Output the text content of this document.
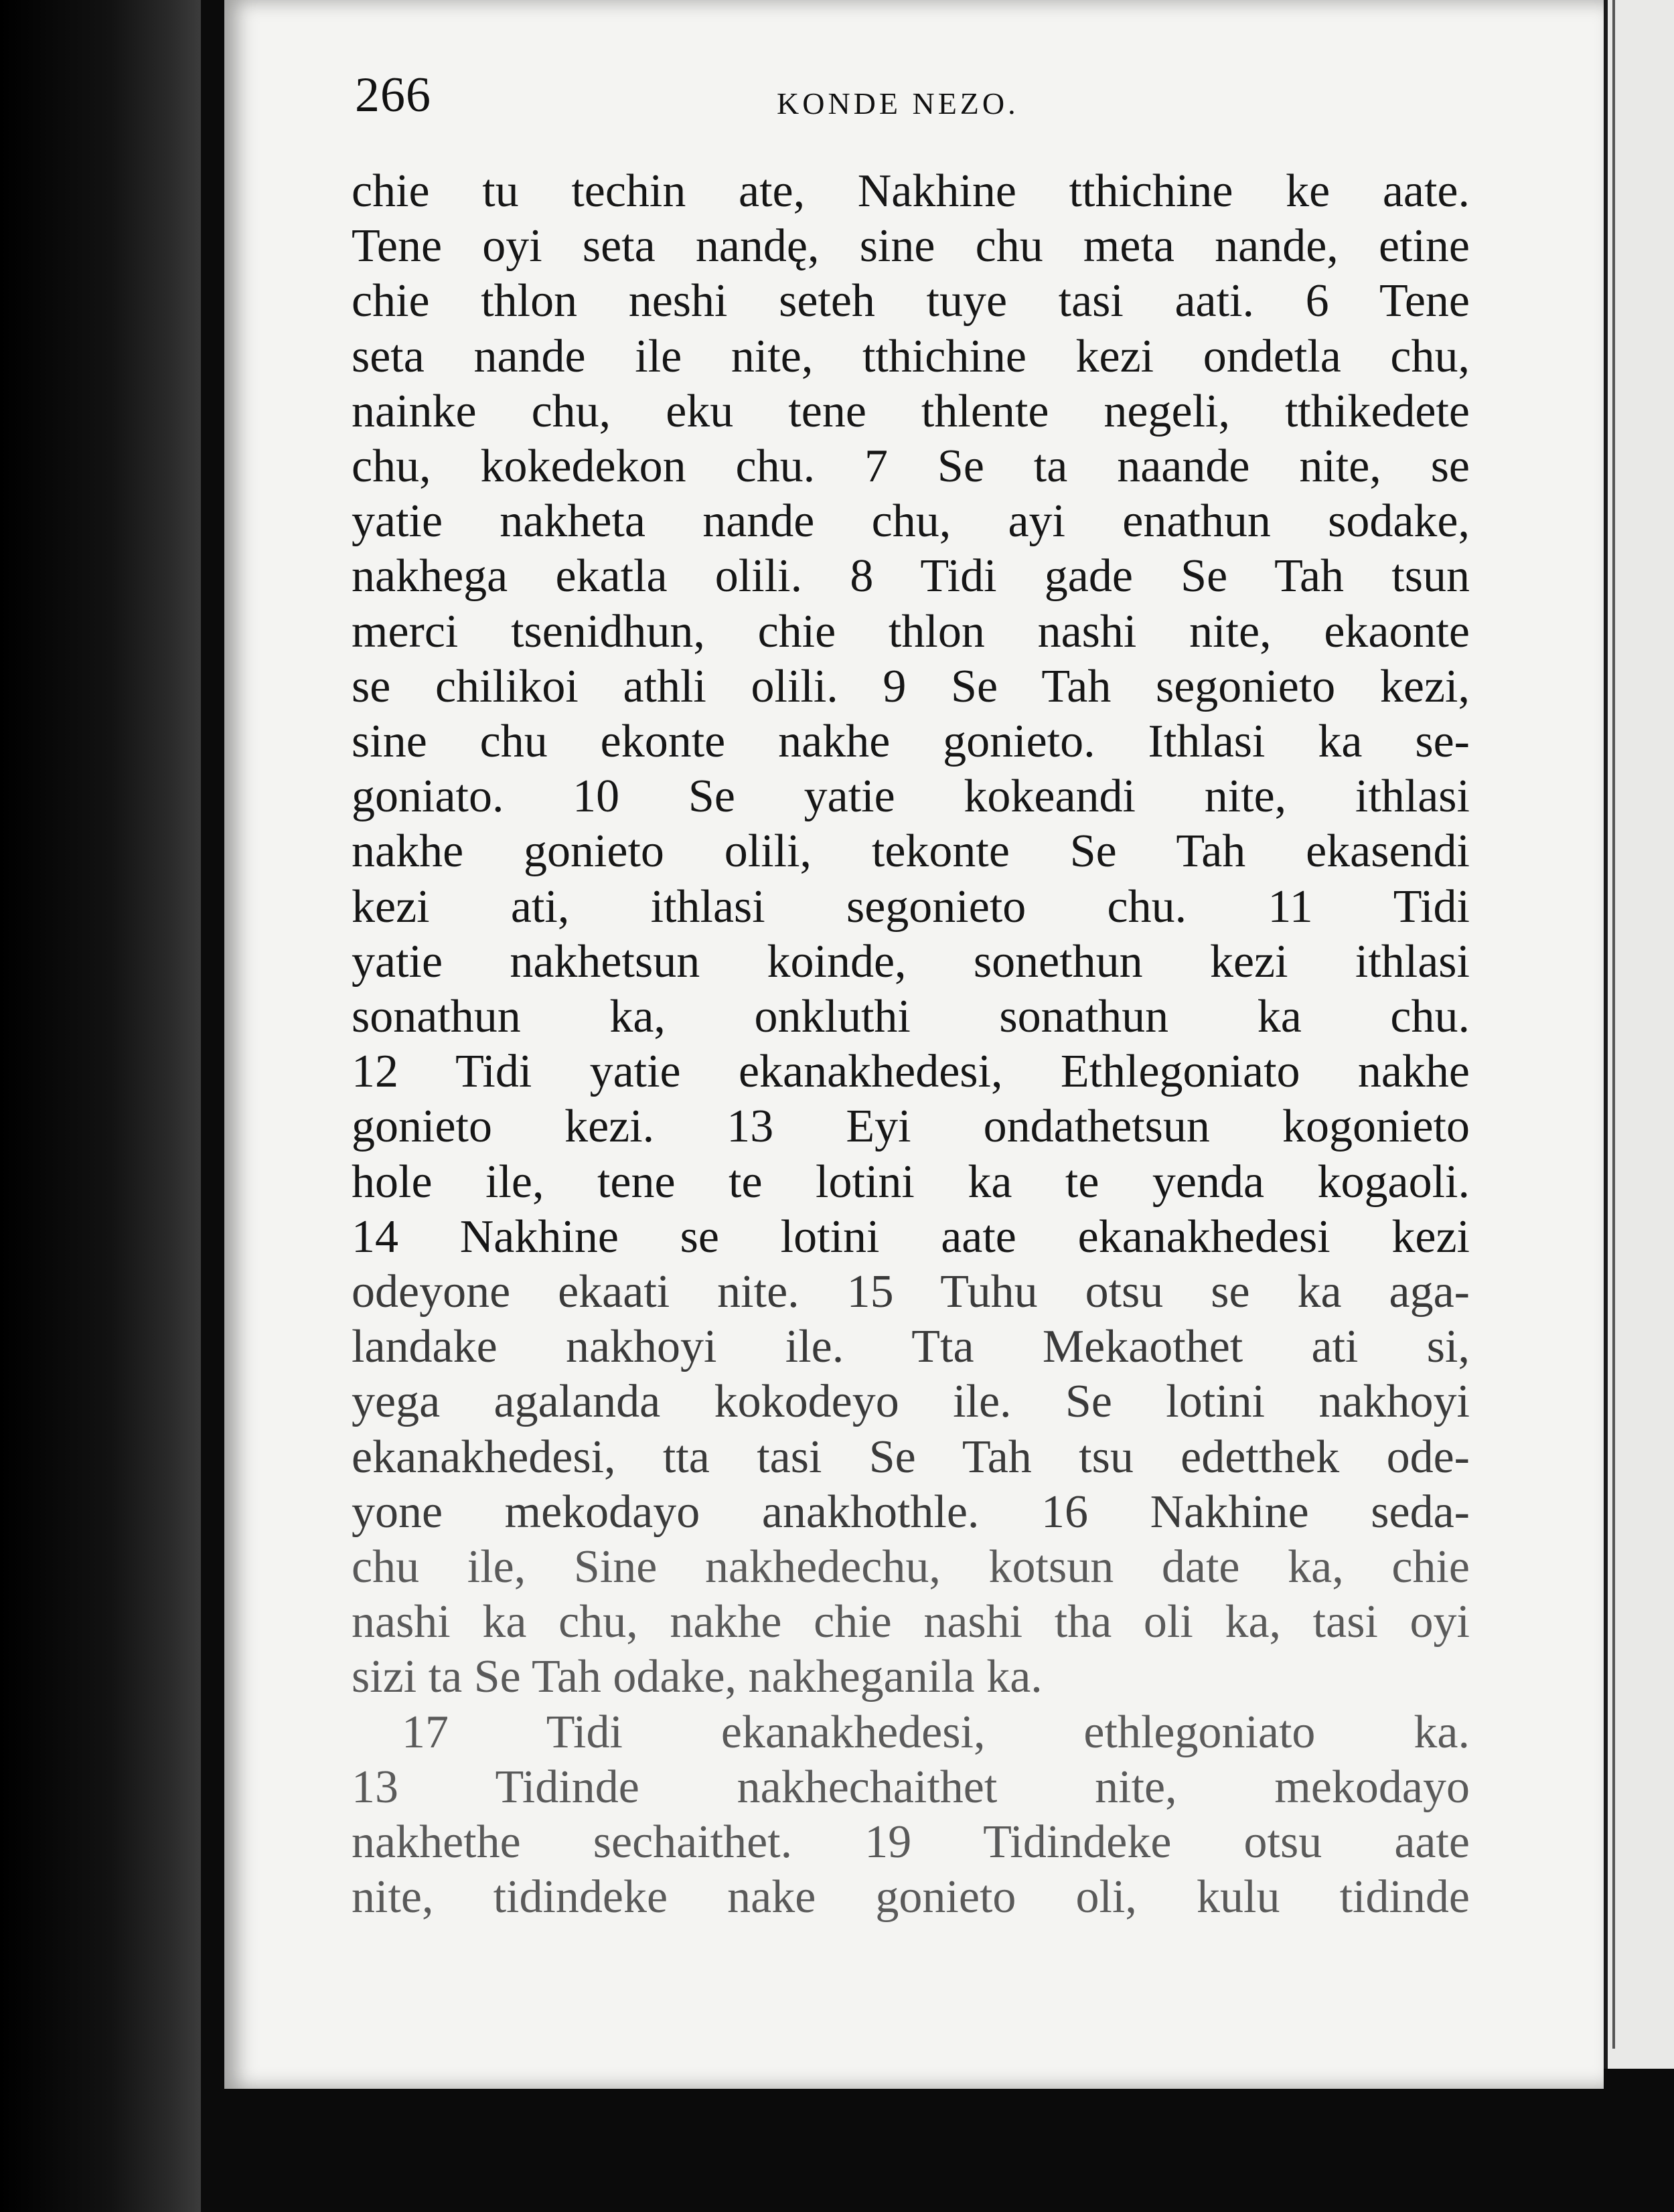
266	KONDE NEZO.
chie tu techin ate, Nakhine tthichine ke aate.
Tene oyi seta nandę, sine chu meta nande, etine
chie thlon neshi seteh tuye tasi aati. 6 Tene
seta nande ile nite, tthichine kezi ondetla chu,
nainke chu, eku tene thlente negeli, tthikedete
chu, kokedekon chu. 7 Se ta naande nite, se
yatie nakheta nande chu, ayi enathun sodake,
nakhega ekatla olili. 8 Tidi gade Se Tah tsun
merci tsenidhun, chie thlon nashi nite, ekaonte
se chilikoi athli olili. 9 Se Tah segonieto kezi,
sine chu ekonte nakhe gonieto. Ithlasi ka se-
goniato. 10 Se yatie kokeandi nite, ithlasi
nakhe gonieto olili, tekonte Se Tah ekasendi
kezi ati, ithlasi segonieto chu. 11 Tidi
yatie nakhetsun koinde, sonethun kezi ithlasi
sonathun ka, onkluthi sonathun ka chu.
12 Tidi yatie ekanakhedesi, Ethlegoniato nakhe
gonieto kezi. 13 Eyi ondathetsun kogonieto
hole ile, tene te lotini ka te yenda kogaoli.
14 Nakhine se lotini aate ekanakhedesi kezi
odeyone ekaati nite. 15 Tuhu otsu se ka aga-
landake nakhoyi ile. Tta Mekaothet ati si,
yega agalanda kokodeyo ile. Se lotini nakhoyi
ekanakhedesi, tta tasi Se Tah tsu edetthek ode-
yone mekodayo anakhothle. 16 Nakhine seda-
chu ile, Sine nakhedechu, kotsun date ka, chie
nashi ka chu, nakhe chie nashi tha oli ka, tasi oyi
sizi ta Se Tah odake, nakheganila ka.
17 Tidi ekanakhedesi, ethlegoniato ka.
13 Tidinde nakhechaithet nite, mekodayo
nakhethe sechaithet. 19 Tidindeke otsu aate
nite, tidindeke nake gonieto oli, kulu tidinde
